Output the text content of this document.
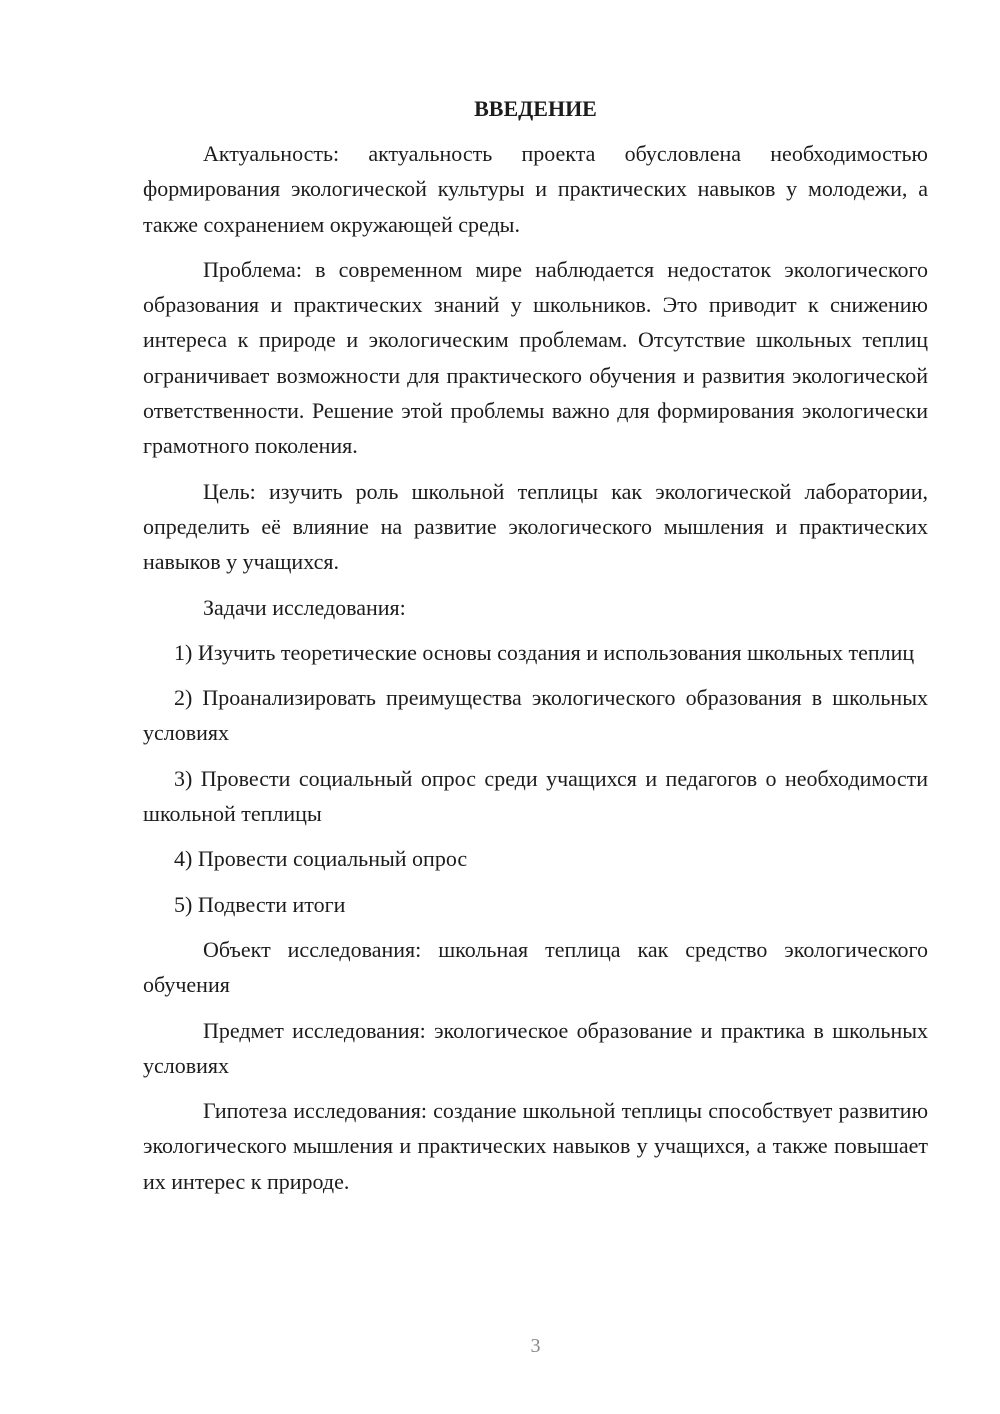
ВВЕДЕНИЕ

Актуальность: актуальность проекта обусловлена необходимостью формирования экологической культуры и практических навыков у молодежи, а также сохранением окружающей среды.

Проблема: в современном мире наблюдается недостаток экологического образования и практических знаний у школьников. Это приводит к снижению интереса к природе и экологическим проблемам. Отсутствие школьных теплиц ограничивает возможности для практического обучения и развития экологической ответственности. Решение этой проблемы важно для формирования экологически грамотного поколения.

Цель: изучить роль школьной теплицы как экологической лаборатории, определить её влияние на развитие экологического мышления и практических навыков у учащихся.

Задачи исследования:

1) Изучить теоретические основы создания и использования школьных теплиц

2) Проанализировать преимущества экологического образования в школьных условиях

3) Провести социальный опрос среди учащихся и педагогов о необходимости школьной теплицы

4) Провести социальный опрос

5) Подвести итоги

Объект исследования: школьная теплица как средство экологического обучения

Предмет исследования: экологическое образование и практика в школьных условиях

Гипотеза исследования: создание школьной теплицы способствует развитию экологического мышления и практических навыков у учащихся, а также повышает их интерес к природе.

3
